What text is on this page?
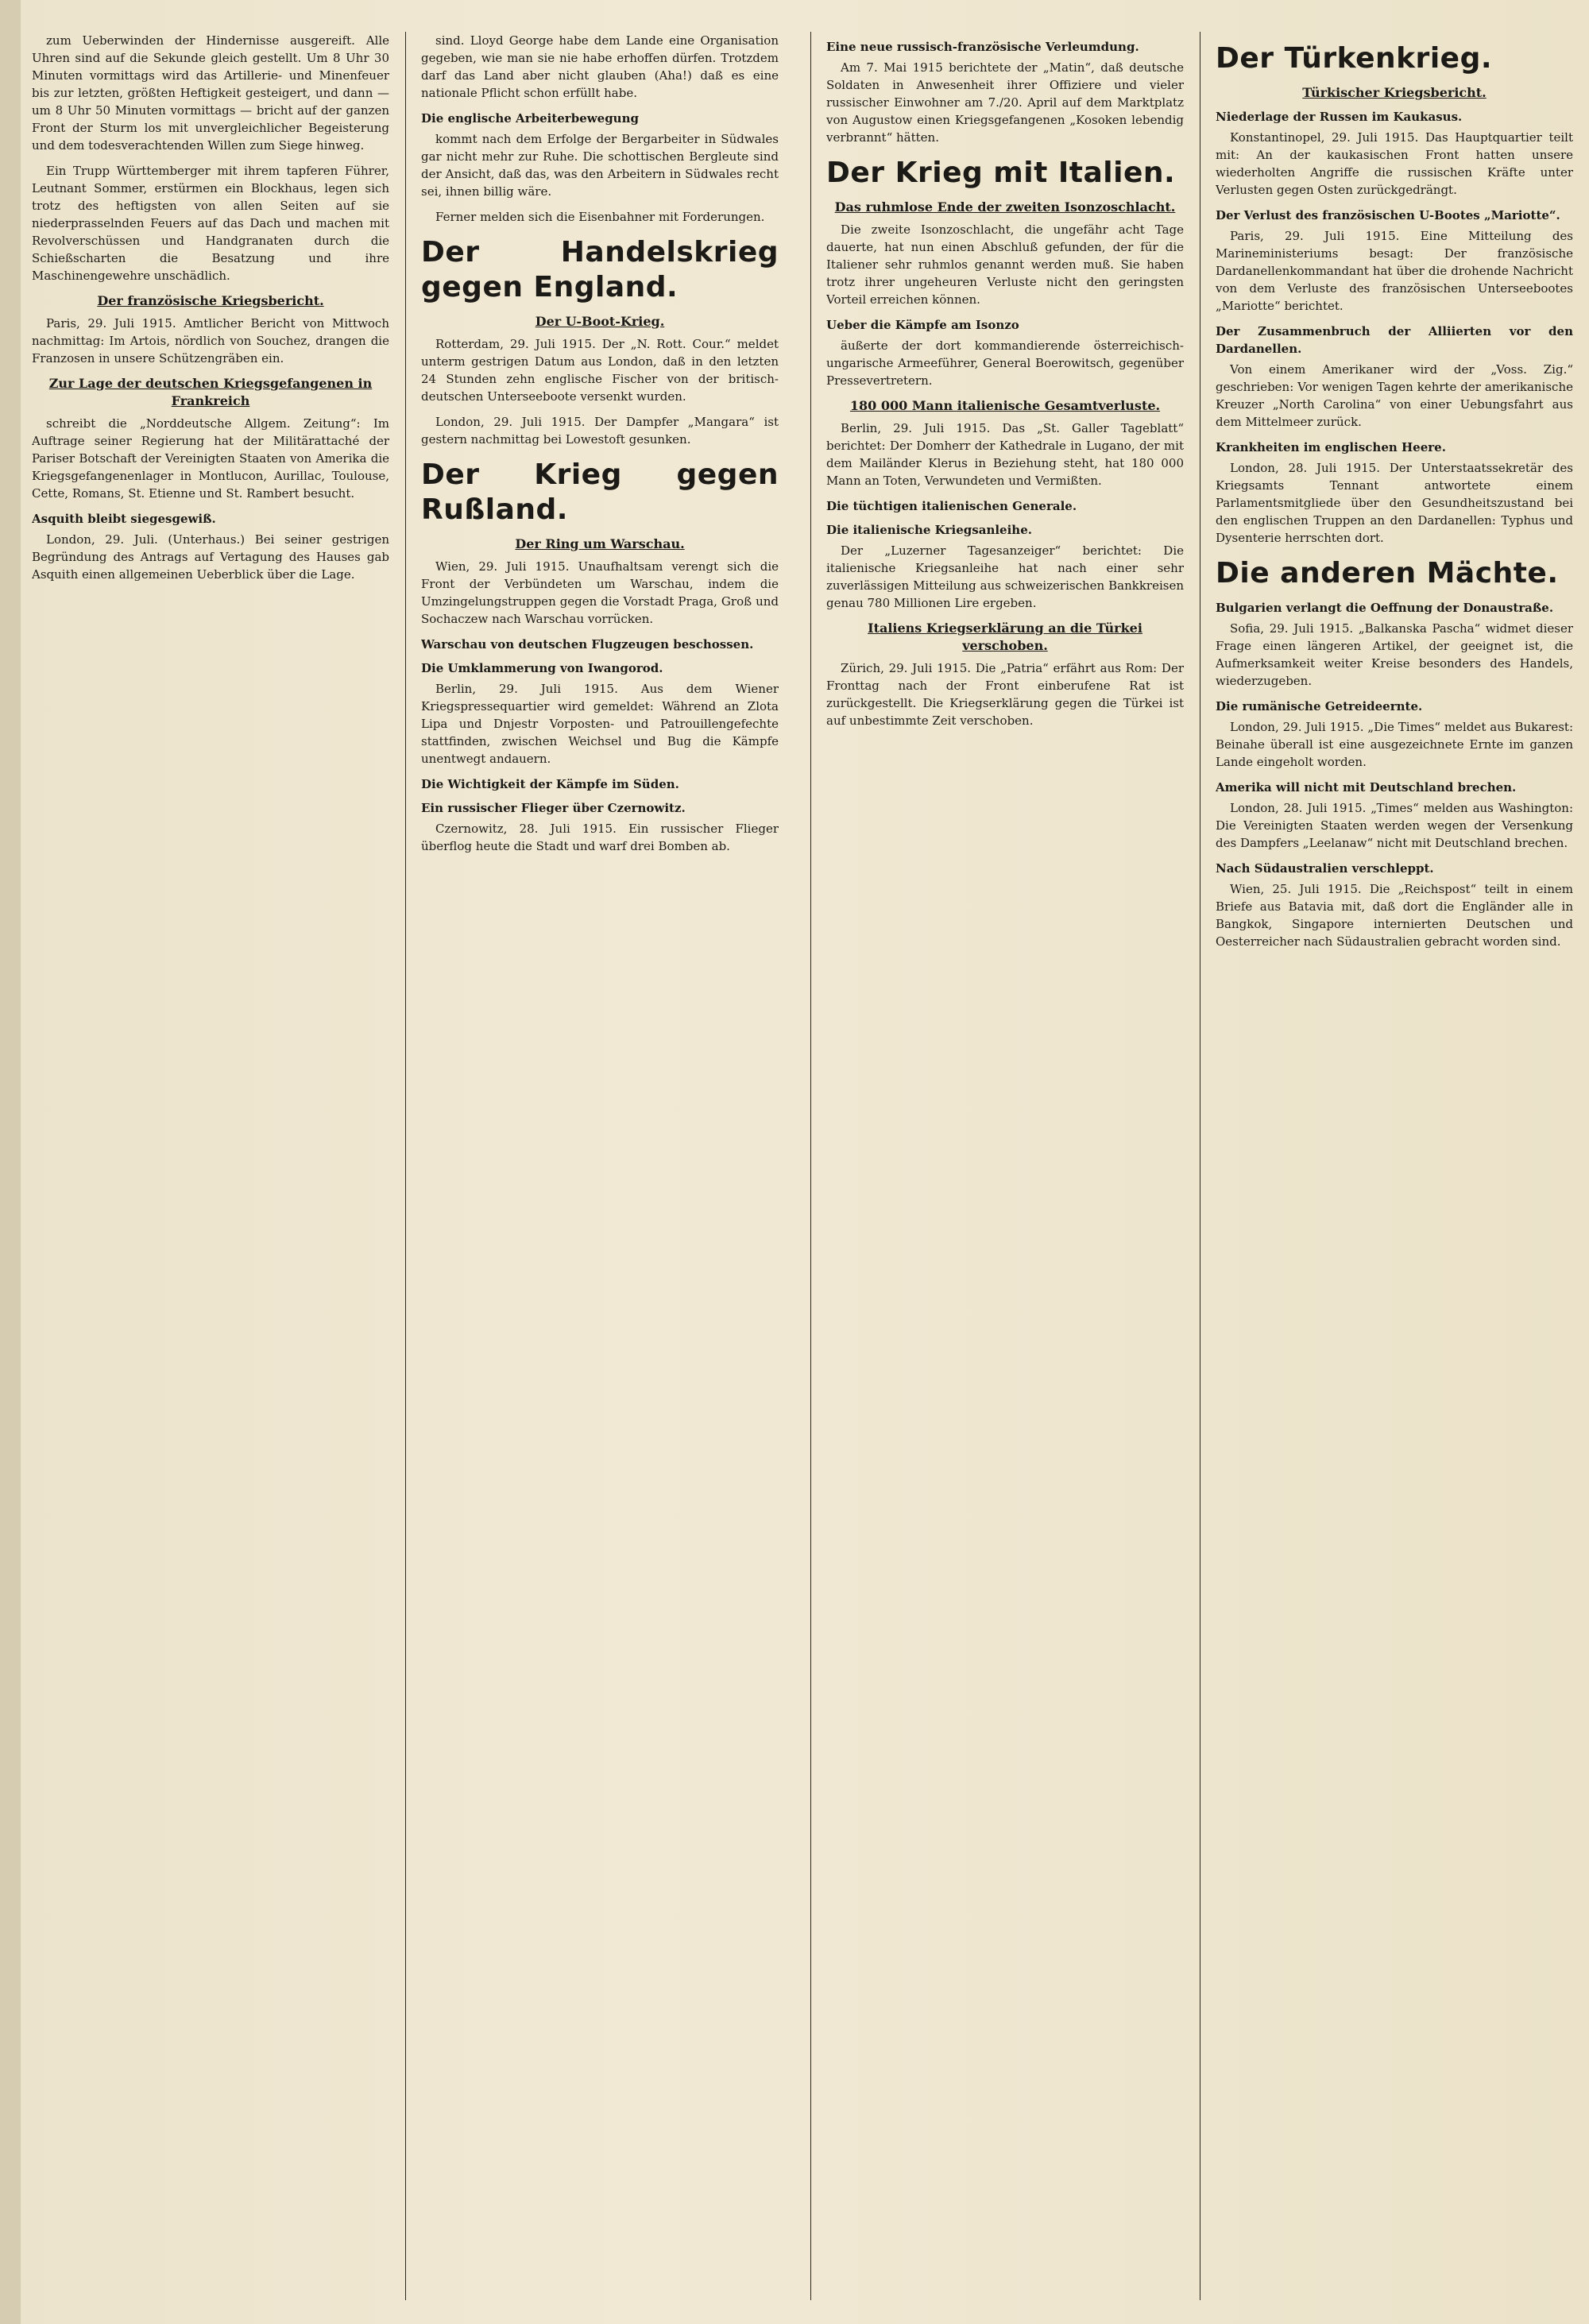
zum Ueberwinden der Hindernisse ausgereift. Alle Uhren sind auf die Sekunde gleich gestellt. Um 8 Uhr 30 Minuten vormittags wird das Artillerie- und Minenfeuer bis zur letzten, größten Heftigkeit gesteigert, und dann — um 8 Uhr 50 Minuten vormittags — bricht auf der ganzen Front der Sturm los mit unvergleichlicher Begeisterung und dem todesverachtenden Willen zum Siege hinweg.

Ein Trupp Württemberger mit ihrem tapferen Führer, Leutnant Sommer, erstürmen ein Blockhaus, legen sich trotz des heftigsten von allen Seiten auf sie niederprasselnden Feuers auf das Dach und machen mit Revolverschüssen und Handgranaten durch die Schießscharten die Besatzung und ihre Maschinengewehre unschädlich.

Der französische Kriegsbericht.

Paris, 29. Juli 1915. Amtlicher Bericht von Mittwoch nachmittag: Im Artois, nördlich von Souchez, drangen die Franzosen in unsere Schützengräben ein.

Zur Lage der deutschen Kriegsgefangenen in Frankreich

schreibt die „Norddeutsche Allgem. Zeitung“: Im Auftrage seiner Regierung hat der Militärattaché der Pariser Botschaft der Vereinigten Staaten von Amerika die Kriegsgefangenenlager in Montlucon, Aurillac, Toulouse, Cette, Romans, St. Etienne und St. Rambert besucht.

Asquith bleibt siegesgewiß.

London, 29. Juli. (Unterhaus.) Bei seiner gestrigen Begründung des Antrags auf Vertagung des Hauses gab Asquith einen allgemeinen Ueberblick über die Lage.

sind. Lloyd George habe dem Lande eine Organisation gegeben, wie man sie nie habe erhoffen dürfen. Trotzdem darf das Land aber nicht glauben (Aha!) daß es eine nationale Pflicht schon erfüllt habe.

Die englische Arbeiterbewegung

kommt nach dem Erfolge der Bergarbeiter in Südwales gar nicht mehr zur Ruhe. Die schottischen Bergleute sind der Ansicht, daß das, was den Arbeitern in Südwales recht sei, ihnen billig wäre.

Ferner melden sich die Eisenbahner mit Forderungen.

Der Handelskrieg gegen England.
Der U-Boot-Krieg.

Rotterdam, 29. Juli 1915. Der „N. Rott. Cour.“ meldet unterm gestrigen Datum aus London, daß in den letzten 24 Stunden zehn englische Fischer von der britisch-deutschen Unterseeboote versenkt wurden.

London, 29. Juli 1915. Der Dampfer „Mangara“ ist gestern nachmittag bei Lowestoft gesunken.

Der Krieg gegen Rußland.
Der Ring um Warschau.

Wien, 29. Juli 1915. Unaufhaltsam verengt sich die Front der Verbündeten um Warschau, indem die Umzingelungstruppen gegen die Vorstadt Praga, Groß und Sochaczew nach Warschau vorrücken.

Warschau von deutschen Flugzeugen beschossen.
Die Umklammerung von Iwangorod.

Berlin, 29. Juli 1915. Aus dem Wiener Kriegspressequartier wird gemeldet: Während an Zlota Lipa und Dnjestr Vorposten- und Patrouillengefechte stattfinden, zwischen Weichsel und Bug die Kämpfe unentwegt andauern.

Die Wichtigkeit der Kämpfe im Süden.
Ein russischer Flieger über Czernowitz.

Czernowitz, 28. Juli 1915. Ein russischer Flieger überflog heute die Stadt und warf drei Bomben ab.

Eine neue russisch-französische Verleumdung.

Am 7. Mai 1915 berichtete der „Matin“, daß deutsche Soldaten in Anwesenheit ihrer Offiziere und vieler russischer Einwohner am 7./20. April auf dem Marktplatz von Augustow einen Kriegsgefangenen „Kosoken lebendig verbrannt“ hätten.

Der Krieg mit Italien.
Das ruhmlose Ende der zweiten Isonzoschlacht.

Die zweite Isonzoschlacht, die ungefähr acht Tage dauerte, hat nun einen Abschluß gefunden, der für die Italiener sehr ruhmlos genannt werden muß. Sie haben trotz ihrer ungeheuren Verluste nicht den geringsten Vorteil erreichen können.

Ueber die Kämpfe am Isonzo

äußerte der dort kommandierende österreichisch-ungarische Armeeführer, General Boerowitsch, gegenüber Pressevertretern.

180 000 Mann italienische Gesamtverluste.

Berlin, 29. Juli 1915. Das „St. Galler Tageblatt“ berichtet: Der Domherr der Kathedrale in Lugano, der mit dem Mailänder Klerus in Beziehung steht, hat 180 000 Mann an Toten, Verwundeten und Vermißten.

Die tüchtigen italienischen Generale.
Die italienische Kriegsanleihe.

Der „Luzerner Tagesanzeiger“ berichtet: Die italienische Kriegsanleihe hat nach einer sehr zuverlässigen Mitteilung aus schweizerischen Bankkreisen genau 780 Millionen Lire ergeben.

Italiens Kriegserklärung an die Türkei verschoben.

Zürich, 29. Juli 1915. Die „Patria“ erfährt aus Rom: Der Fronttag nach der Front einberufene Rat ist zurückgestellt. Die Kriegserklärung gegen die Türkei ist auf unbestimmte Zeit verschoben.

Der Türkenkrieg.
Türkischer Kriegsbericht.
Niederlage der Russen im Kaukasus.

Konstantinopel, 29. Juli 1915. Das Hauptquartier teilt mit: An der kaukasischen Front hatten unsere wiederholten Angriffe die russischen Kräfte unter Verlusten gegen Osten zurückgedrängt.

Der Verlust des französischen U-Bootes „Mariotte“.

Paris, 29. Juli 1915. Eine Mitteilung des Marineministeriums besagt: Der französische Dardanellenkommandant hat über die drohende Nachricht von dem Verluste des französischen Unterseebootes „Mariotte“ berichtet.

Der Zusammenbruch der Alliierten vor den Dardanellen.

Von einem Amerikaner wird der „Voss. Zig.“ geschrieben: Vor wenigen Tagen kehrte der amerikanische Kreuzer „North Carolina“ von einer Uebungsfahrt aus dem Mittelmeer zurück.

Krankheiten im englischen Heere.

London, 28. Juli 1915. Der Unterstaatssekretär des Kriegsamts Tennant antwortete einem Parlamentsmitgliede über den Gesundheitszustand bei den englischen Truppen an den Dardanellen: Typhus und Dysenterie herrschten dort.

Die anderen Mächte.
Bulgarien verlangt die Oeffnung der Donaustraße.

Sofia, 29. Juli 1915. „Balkanska Pascha“ widmet dieser Frage einen längeren Artikel, der geeignet ist, die Aufmerksamkeit weiter Kreise besonders des Handels, wiederzugeben.

Die rumänische Getreideernte.

London, 29. Juli 1915. „Die Times“ meldet aus Bukarest: Beinahe überall ist eine ausgezeichnete Ernte im ganzen Lande eingeholt worden.

Amerika will nicht mit Deutschland brechen.

London, 28. Juli 1915. „Times“ melden aus Washington: Die Vereinigten Staaten werden wegen der Versenkung des Dampfers „Leelanaw“ nicht mit Deutschland brechen.

Nach Südaustralien verschleppt.

Wien, 25. Juli 1915. Die „Reichspost“ teilt in einem Briefe aus Batavia mit, daß dort die Engländer alle in Bangkok, Singapore internierten Deutschen und Oesterreicher nach Südaustralien gebracht worden sind.
